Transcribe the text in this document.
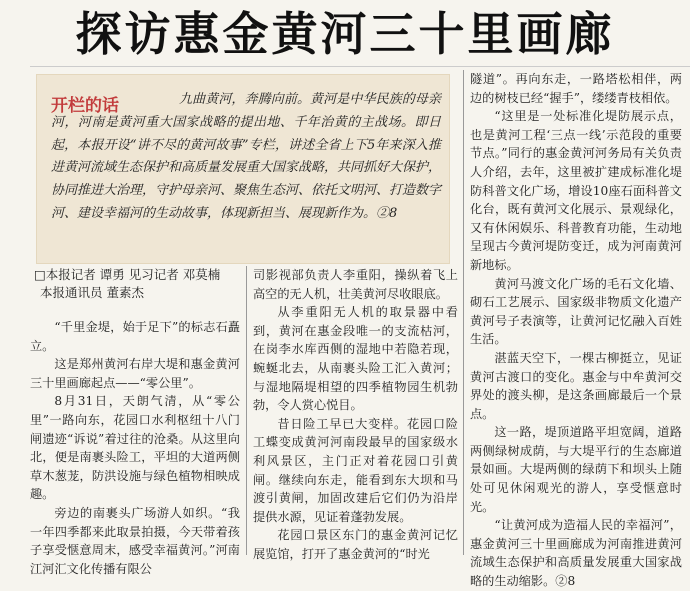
探访惠金黄河三十里画廊
开栏的话	九曲黄河，奔腾向前。黄河是中华民族的母亲河，河南是黄河重大国家战略的提出地、千年治黄的主战场。即日起，本报开设“讲不尽的黄河故事”专栏，讲述全省上下5年来深入推进黄河流域生态保护和高质量发展重大国家战略，共同抓好大保护，协同推进大治理，守护母亲河、聚焦生态河、依托文明河、打造数字河、建设幸福河的生动故事，体现新担当、展现新作为。②8
□本报记者 谭勇 见习记者 邓莫楠
本报通讯员 董素杰

“千里金堤，始于足下”的标志石矗立。

这是郑州黄河右岸大堤和惠金黄河三十里画廊起点——“零公里”。

8月31日，天朗气清，从“零公里”一路向东，花园口水利枢纽十八门闸遗迹“诉说”着过往的沧桑。从这里向北，便是南裹头险工，平坦的大道两侧草木葱茏，防洪设施与绿色植物相映成趣。

旁边的南裹头广场游人如织。“我一年四季都来此取景拍摄，今天带着孩子享受惬意周末，感受幸福黄河。”河南江河汇文化传播有限公

司影视部负责人李重阳，操纵着飞上高空的无人机，壮美黄河尽收眼底。

从李重阳无人机的取景器中看到，黄河在惠金段唯一的支流枯河，在岗李水库西侧的湿地中若隐若现，蜿蜒北去，从南裹头险工汇入黄河；与湿地隔堤相望的四季植物园生机勃勃，令人赏心悦目。

昔日险工早已大变样。花园口险工蝶变成黄河河南段最早的国家级水利风景区，主门正对着花园口引黄闸。继续向东走，能看到东大坝和马渡引黄闸，加固改建后它们仍为沿岸提供水源，见证着蓬勃发展。

花园口景区东门的惠金黄河记忆展览馆，打开了惠金黄河的“时光

隧道”。再向东走，一路塔松相伴，两边的树枝已经“握手”，缕缕青枝相依。

“这里是一处标准化堤防展示点，也是黄河工程‘三点一线’示范段的重要节点。”同行的惠金黄河河务局有关负责人介绍，去年，这里被扩建成标准化堤防科普文化广场，增设10座石面科普文化台，既有黄河文化展示、景观绿化，又有休闲娱乐、科普教育功能，生动地呈现古今黄河堤防变迁，成为河南黄河新地标。

黄河马渡文化广场的毛石文化墙、砌石工艺展示、国家级非物质文化遗产黄河号子表演等，让黄河记忆融入百姓生活。

湛蓝天空下，一棵古柳挺立，见证黄河古渡口的变化。惠金与中牟黄河交界处的渡头柳，是这条画廊最后一个景点。

这一路，堤顶道路平坦宽阔，道路两侧绿树成荫，与大堤平行的生态廊道景如画。大堤两侧的绿荫下和坝头上随处可见休闲观光的游人，享受惬意时光。

“让黄河成为造福人民的幸福河”，惠金黄河三十里画廊成为河南推进黄河流域生态保护和高质量发展重大国家战略的生动缩影。②8
